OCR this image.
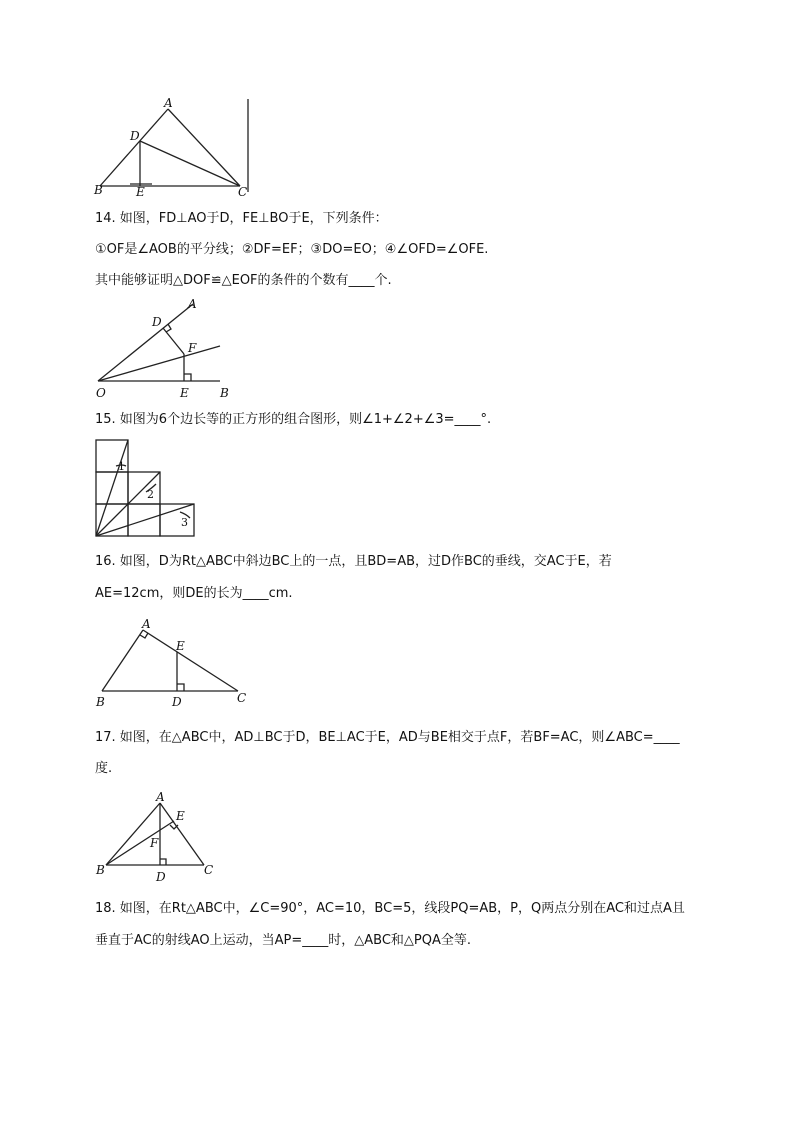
A
D
B	E	C
14. 如图，FD⊥AO于D，FE⊥BO于E，下列条件：
①OF是∠AOB的平分线；②DF=EF；③DO=EO；④∠OFD=∠OFE.
其中能够证明△DOF≌△EOF的条件的个数有____个.
A
D
F
O	E	B
15. 如图为6个边长等的正方形的组合图形，则∠1+∠2+∠3=____°.
1
2
3
16. 如图，D为Rt△ABC中斜边BC上的一点，且BD=AB，过D作BC的垂线，交AC于E，若
AE=12cm，则DE的长为____cm.
A
E
B	D	C
17. 如图，在△ABC中，AD⊥BC于D，BE⊥AC于E，AD与BE相交于点F，若BF=AC，则∠ABC=____
度.
A
E
F
B	D	C
18. 如图，在Rt△ABC中，∠C=90°，AC=10，BC=5，线段PQ=AB，P，Q两点分别在AC和过点A且
垂直于AC的射线AO上运动，当AP=____时，△ABC和△PQA全等.
